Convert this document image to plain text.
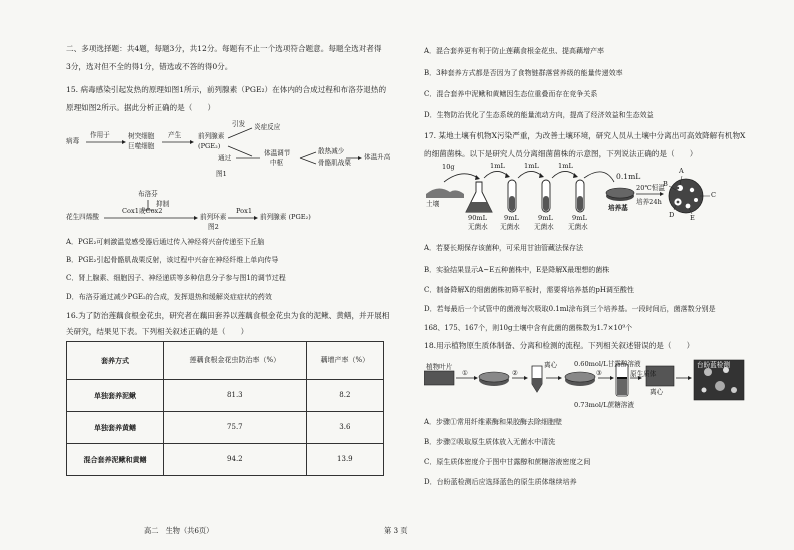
二、多项选择题：共4题，每题3分，共12分。每题有不止一个选项符合题意。每题全选对者得
3分，选对但不全的得1分，错选或不答的得0分。
15. 病毒感染引起发热的原理如图1所示，前列腺素（PGE₂）在体内的合成过程和布洛芬退热的
原理如图2所示。据此分析正确的是（　　）
病毒
作用于	树突细胞
巨噬细胞
产生	前列腺素
(PGE₂)
引发 炎症反应
通过
体温调节
中枢
散热减少
骨骼肌战栗
体温升高
图1
布洛芬
抑制
花生四烯酸
Cox1或Cox2
前列环素
Pox1
前列腺素 (PGE₂)
图2
A．PGE₂可刺激温觉感受器后通过传入神经将兴奋传递至下丘脑
B．PGE₂引起骨骼肌战栗反射，该过程中兴奋在神经纤维上单向传导
C．肾上腺素、细胞因子、神经递质等多种信息分子参与图1的调节过程
D．布洛芬通过减少PGE₂的合成，发挥退热和缓解炎症症状的药效
16.为了防治莲藕食根金花虫，研究者在藕田套养以莲藕食根金花虫为食的泥鳅、黄鳝，并开展相
关研究，结果见下表。下列相关叙述正确的是（　　）
套养方式	莲藕食根金花虫防治率（%）	藕增产率（%）
单独套养泥鳅	81.3	8.2
单独套养黄鳝	75.7	3.6
混合套养泥鳅和黄鳝	94.2	13.9
高二　生物（共6页）
A．混合套养更有利于防止莲藕食根金花虫、提高藕增产率
B．3种套养方式都是否因为了食物链群落营养级的能量传递效率
C．混合套养中泥鳅和黄鳝因生态位重叠而存在竞争关系
D．生物防治优化了生态系统的能量流动方向，提高了经济效益和生态效益
17. 某地土壤有机物X污染严重，为改善土壤环境，研究人员从土壤中分离出可高效降解有机物X
的细菌菌株。以下是研究人员分离细菌菌株的示意图，下列说法正确的是（　　）
10g
土壤
90mL
无菌水
1mL	1mL	1mL
9mL
无菌水
9mL
无菌水
9mL
无菌水
0.1mL
培养基
20℃恒温
培养24h
A
B
C
D E
A．若要长期保存该菌种，可采用甘油管藏法保存法
B．实验结果显示A~E五种菌株中，E是降解X最理想的菌株
C．制备降解X的细菌菌株初筛平板时，需要将培养基的pH调至酸性
D．若每最后一个试管中的菌液每次吸取0.1ml涂布到三个培养基。一段时间后，菌落数分别是
168、175、167个，则10g土壤中含有此菌的菌株数为1.7×10⁹个
18.用示植物原生质体制备、分离和检测的流程。下列相关叙述错误的是（　　）
植物叶片
①	②
离心
③
0.60mol/L甘露醇溶液
原生质体
离心
0.73mol/L蔗糖溶液
台盼蓝检测
A．步骤①常用纤维素酶和果胶酶去除细胞壁
B．步骤②吸取原生质体放入无菌水中清洗
C．原生质体密度介于图中甘露醇和蔗糖溶液密度之间
D．台盼蓝检测后应选择蓝色的原生质体继续培养
第 3 页
